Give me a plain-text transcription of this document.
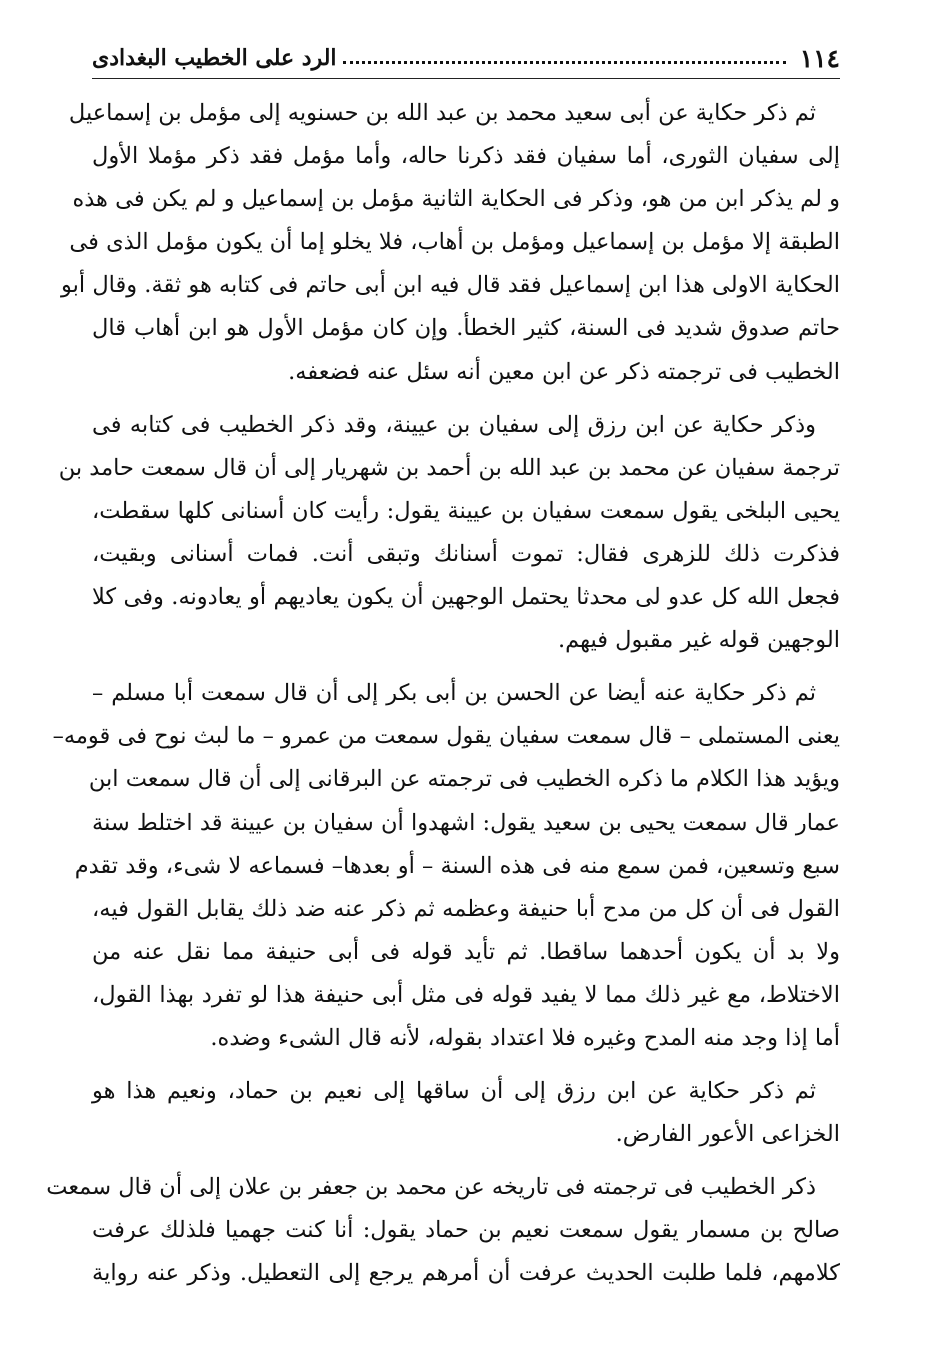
١١٤
الرد على الخطيب البغدادى

ثم ذكر حكاية عن أبى سعيد محمد بن عبد الله بن حسنويه إلى مؤمل بن إسماعيل
إلى سفيان الثورى، أما سفيان فقد ذكرنا حاله، وأما مؤمل فقد ذكر مؤملا الأول
و لم يذكر ابن من هو، وذكر فى الحكاية الثانية مؤمل بن إسماعيل و لم يكن فى هذه
الطبقة إلا مؤمل بن إسماعيل ومؤمل بن أهاب، فلا يخلو إما أن يكون مؤمل الذى فى
الحكاية الاولى هذا ابن إسماعيل فقد قال فيه ابن أبى حاتم فى كتابه هو ثقة. وقال أبو
حاتم صدوق شديد فى السنة، كثير الخطأ. وإن كان مؤمل الأول هو ابن أهاب قال
الخطيب فى ترجمته ذكر عن ابن معين أنه سئل عنه فضعفه.

وذكر حكاية عن ابن رزق إلى سفيان بن عيينة، وقد ذكر الخطيب فى كتابه فى
ترجمة سفيان عن محمد بن عبد الله بن أحمد بن شهريار إلى أن قال سمعت حامد بن
يحيى البلخى يقول سمعت سفيان بن عيينة يقول: رأيت كان أسنانى كلها سقطت،
فذكرت ذلك للزهرى فقال: تموت أسنانك وتبقى أنت. فمات أسنانى وبقيت،
فجعل الله كل عدو لى محدثا يحتمل الوجهين أن يكون يعاديهم أو يعادونه. وفى كلا
الوجهين قوله غير مقبول فيهم.

ثم ذكر حكاية عنه أيضا عن الحسن بن أبى بكر إلى أن قال سمعت أبا مسلم –
يعنى المستملى – قال سمعت سفيان يقول سمعت من عمرو – ما لبث نوح فى قومه–
ويؤيد هذا الكلام ما ذكره الخطيب فى ترجمته عن البرقانى إلى أن قال سمعت ابن
عمار قال سمعت يحيى بن سعيد يقول: اشهدوا أن سفيان بن عيينة قد اختلط سنة
سبع وتسعين، فمن سمع منه فى هذه السنة – أو بعدها– فسماعه لا شىء، وقد تقدم
القول فى أن كل من مدح أبا حنيفة وعظمه ثم ذكر عنه ضد ذلك يقابل القول فيه،
ولا بد أن يكون أحدهما ساقطا. ثم تأيد قوله فى أبى حنيفة مما نقل عنه من
الاختلاط، مع غير ذلك مما لا يفيد قوله فى مثل أبى حنيفة هذا لو تفرد بهذا القول،
أما إذا وجد منه المدح وغيره فلا اعتداد بقوله، لأنه قال الشىء وضده.

ثم ذكر حكاية عن ابن رزق إلى أن ساقها إلى نعيم بن حماد، ونعيم هذا هو
الخزاعى الأعور الفارض.

ذكر الخطيب فى ترجمته فى تاريخه عن محمد بن جعفر بن علان إلى أن قال سمعت
صالح بن مسمار يقول سمعت نعيم بن حماد يقول: أنا كنت جهميا فلذلك عرفت
كلامهم، فلما طلبت الحديث عرفت أن أمرهم يرجع إلى التعطيل. وذكر عنه رواية
